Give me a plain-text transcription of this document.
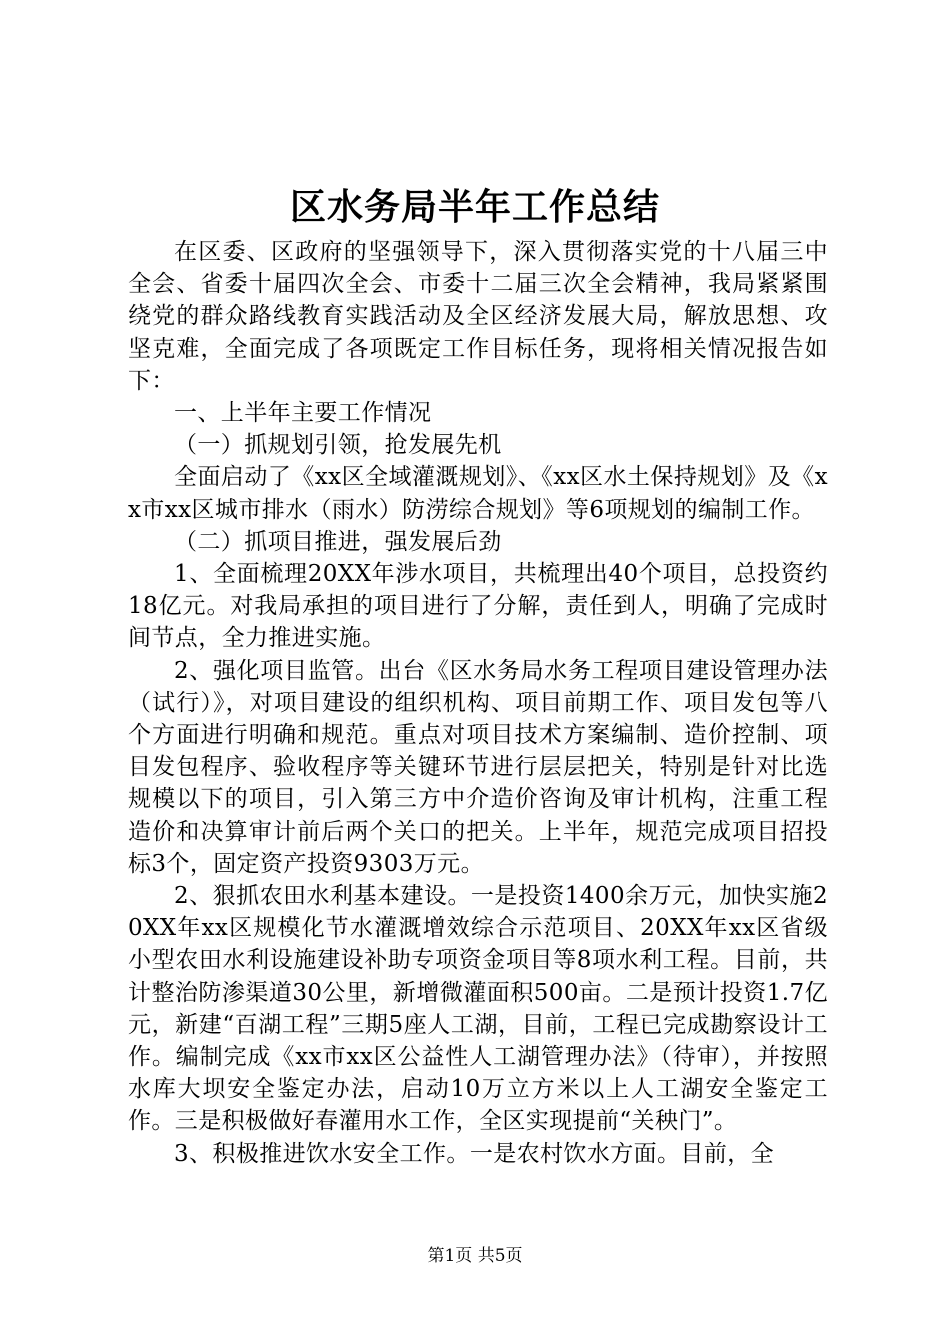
区水务局半年工作总结

在区委、区政府的坚强领导下，深入贯彻落实党的十八届三中全会、省委十届四次全会、市委十二届三次全会精神，我局紧紧围绕党的群众路线教育实践活动及全区经济发展大局，解放思想、攻坚克难，全面完成了各项既定工作目标任务，现将相关情况报告如下：

一、上半年主要工作情况

（一）抓规划引领，抢发展先机

全面启动了《xx区全域灌溉规划》、《xx区水土保持规划》及《xx市xx区城市排水（雨水）防涝综合规划》等6项规划的编制工作。

（二）抓项目推进，强发展后劲

1、全面梳理20XX年涉水项目，共梳理出40个项目，总投资约18亿元。对我局承担的项目进行了分解，责任到人，明确了完成时间节点，全力推进实施。

2、强化项目监管。出台《区水务局水务工程项目建设管理办法（试行）》，对项目建设的组织机构、项目前期工作、项目发包等八个方面进行明确和规范。重点对项目技术方案编制、造价控制、项目发包程序、验收程序等关键环节进行层层把关，特别是针对比选规模以下的项目，引入第三方中介造价咨询及审计机构，注重工程造价和决算审计前后两个关口的把关。上半年，规范完成项目招投标3个，固定资产投资9303万元。

2、狠抓农田水利基本建设。一是投资1400余万元，加快实施20XX年xx区规模化节水灌溉增效综合示范项目、20XX年xx区省级小型农田水利设施建设补助专项资金项目等8项水利工程。目前，共计整治防渗渠道30公里，新增微灌面积500亩。二是预计投资1.7亿元，新建“百湖工程”三期5座人工湖，目前，工程已完成勘察设计工作。编制完成《xx市xx区公益性人工湖管理办法》（待审），并按照水库大坝安全鉴定办法，启动10万立方米以上人工湖安全鉴定工作。三是积极做好春灌用水工作，全区实现提前“关秧门”。

3、积极推进饮水安全工作。一是农村饮水方面。目前，全

第1页 共5页
